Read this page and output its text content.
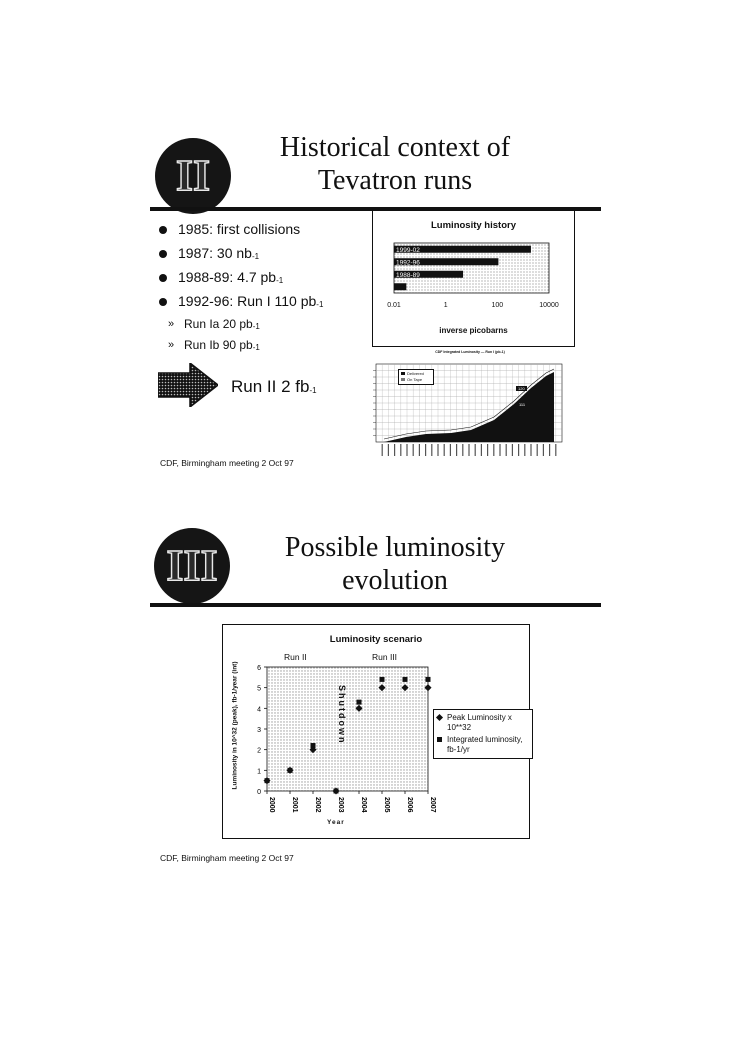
II
Historical context of
Tevatron runs
1985: first collisions
1987: 30 $nb_{-1}$
1988-89: 4.7 $pb_{-1}$
1992-96: Run I 110 $pb_{-1}$
» Run Ia 20 $pb_{-1}$
» Run Ib 90 $pb_{-1}$
Run II 2 $fb_{-1}$
CDF, Birmingham meeting 2 Oct 97
Luminosity history
1999-02
1992-96
1988-89
0.01	1	100	10000
inverse picobarns
CDF Integrated Luminosity — Run I (pb-1)
Delivered
On Tape
120
111
III	Possible luminosity
evolution
Luminosity scenario
Run II	Run III
Luminosity in 10^32 (peak), fb-1/year (int)
0
1
2
3
4
5
6
2000 2001 2002 2003 2004 2005 2006 2007
Shutdown
Year
Peak Luminosity x 10**32
Integrated luminosity, fb-1/yr
CDF, Birmingham meeting 2 Oct 97
